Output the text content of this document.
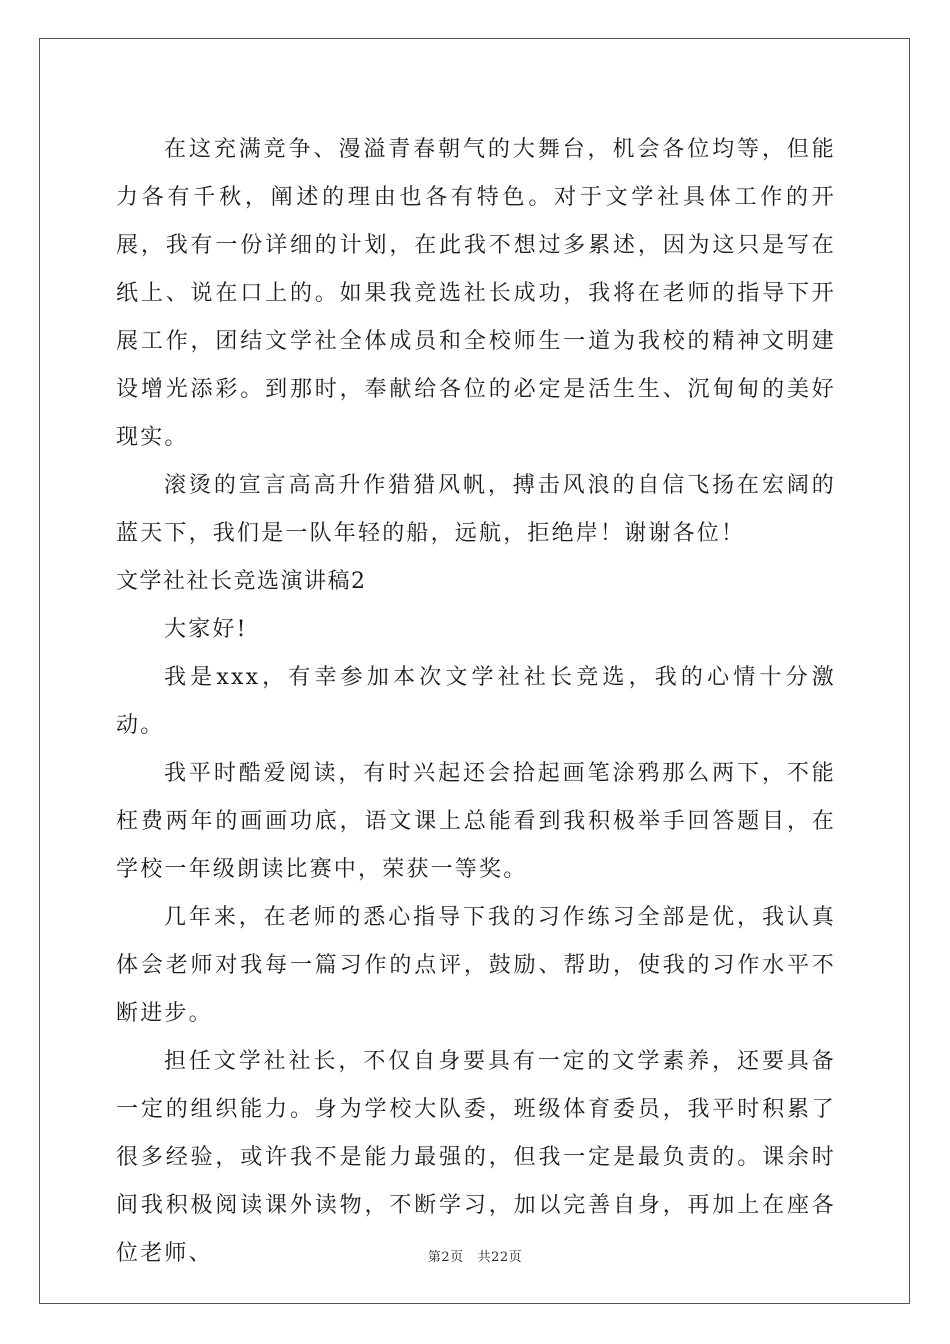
在这充满竞争、漫溢青春朝气的大舞台，机会各位均等，但能力各有千秋，阐述的理由也各有特色。对于文学社具体工作的开展，我有一份详细的计划，在此我不想过多累述，因为这只是写在纸上、说在口上的。如果我竞选社长成功，我将在老师的指导下开展工作，团结文学社全体成员和全校师生一道为我校的精神文明建设增光添彩。到那时，奉献给各位的必定是活生生、沉甸甸的美好现实。

滚烫的宣言高高升作猎猎风帆，搏击风浪的自信飞扬在宏阔的蓝天下，我们是一队年轻的船，远航，拒绝岸！谢谢各位！

文学社社长竞选演讲稿2

大家好!

我是xxx，有幸参加本次文学社社长竞选，我的心情十分激动。

我平时酷爱阅读，有时兴起还会拾起画笔涂鸦那么两下，不能枉费两年的画画功底，语文课上总能看到我积极举手回答题目，在学校一年级朗读比赛中，荣获一等奖。

几年来，在老师的悉心指导下我的习作练习全部是优，我认真体会老师对我每一篇习作的点评，鼓励、帮助，使我的习作水平不断进步。

担任文学社社长，不仅自身要具有一定的文学素养，还要具备一定的组织能力。身为学校大队委，班级体育委员，我平时积累了很多经验，或许我不是能力最强的，但我一定是最负责的。课余时间我积极阅读课外读物，不断学习，加以完善自身，再加上在座各位老师、	第2页 共22页
